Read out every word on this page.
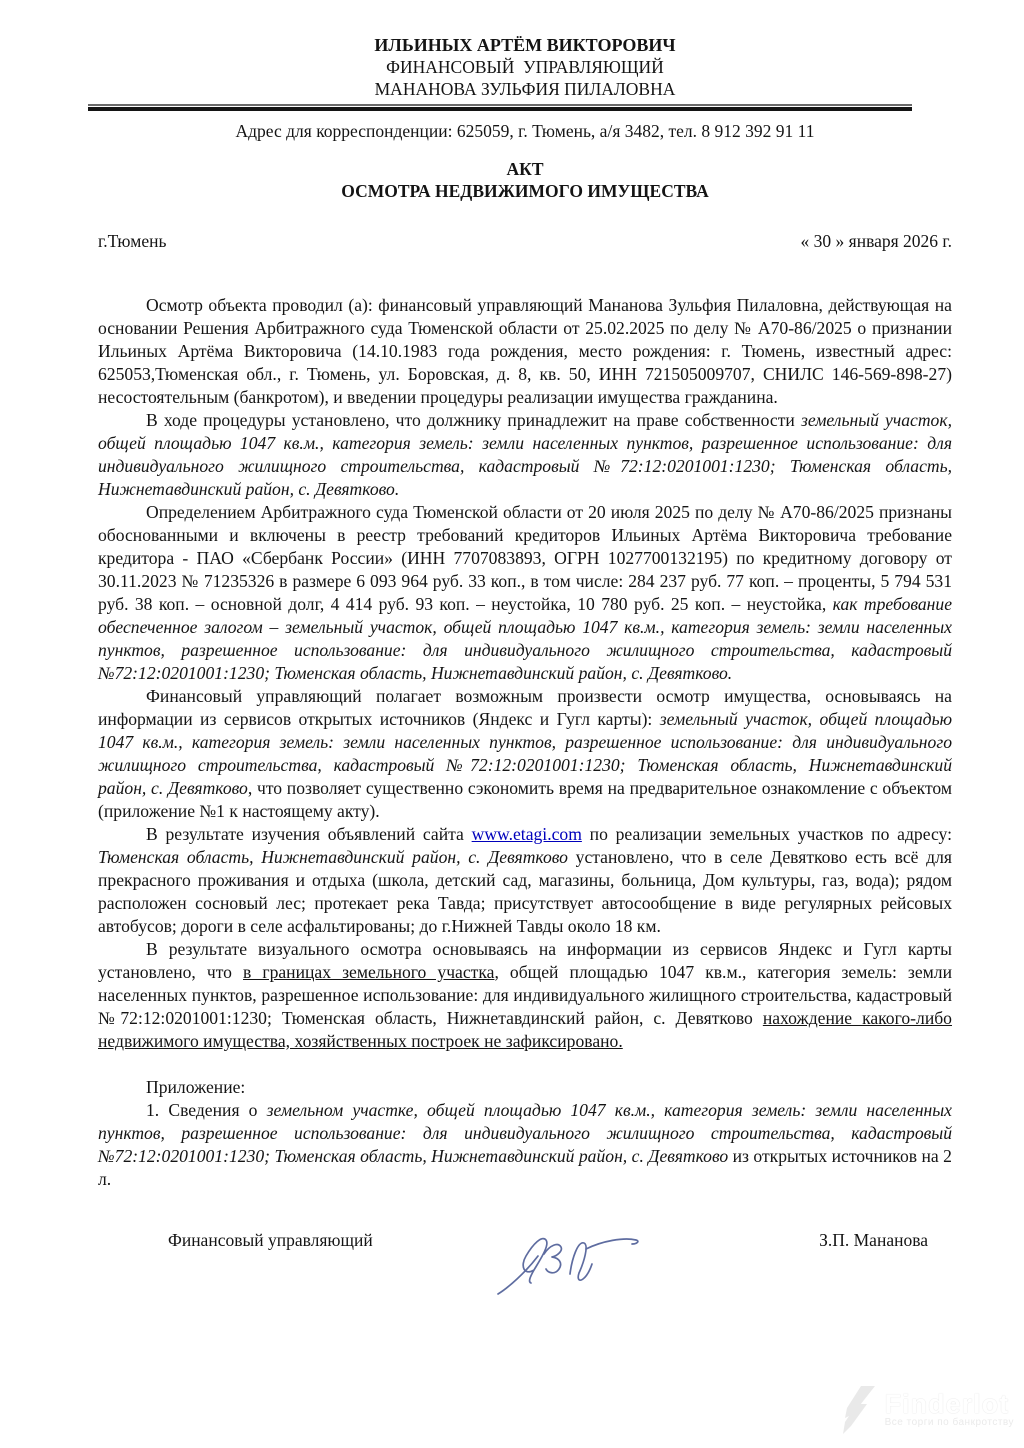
ИЛЬИНЫХ АРТЁМ ВИКТОРОВИЧ
ФИНАНСОВЫЙ  УПРАВЛЯЮЩИЙ
МАНАНОВА ЗУЛЬФИЯ ПИЛАЛОВНА
Адрес для корреспонденции: 625059, г. Тюмень, а/я 3482, тел. 8 912 392 91 11
АКТ
ОСМОТРА НЕДВИЖИМОГО ИМУЩЕСТВА
г.Тюмень	« 30 » января 2026 г.

Осмотр объекта проводил (а): финансовый управляющий Мананова Зульфия Пилаловна, действующая на основании Решения Арбитражного суда Тюменской области от 25.02.2025 по делу № А70-86/2025 о признании Ильиных Артёма Викторовича (14.10.1983 года рождения, место рождения: г. Тюмень, известный адрес: 625053,Тюменская обл., г. Тюмень, ул. Боровская, д. 8, кв. 50, ИНН 721505009707, СНИЛС 146-569-898-27) несостоятельным (банкротом), и введении процедуры реализации имущества гражданина.

В ходе процедуры установлено, что должнику принадлежит на праве собственности земельный участок, общей площадью 1047 кв.м., категория земель: земли населенных пунктов, разрешенное использование: для индивидуального жилищного строительства, кадастровый №72:12:0201001:1230; Тюменская область, Нижнетавдинский район, с. Девятково.

Определением Арбитражного суда Тюменской области от 20 июля 2025 по делу № А70-86/2025 признаны обоснованными и включены в реестр требований кредиторов Ильиных Артёма Викторовича требование кредитора - ПАО «Сбербанк России» (ИНН 7707083893, ОГРН 1027700132195) по кредитному договору от 30.11.2023 № 71235326 в размере 6 093 964 руб. 33 коп., в том числе: 284 237 руб. 77 коп. – проценты, 5 794 531 руб. 38 коп. – основной долг, 4 414 руб. 93 коп. – неустойка, 10 780 руб. 25 коп. – неустойка, как требование обеспеченное залогом – земельный участок, общей площадью 1047 кв.м., категория земель: земли населенных пунктов, разрешенное использование: для индивидуального жилищного строительства, кадастровый №72:12:0201001:1230; Тюменская область, Нижнетавдинский район, с. Девятково.

Финансовый управляющий полагает возможным произвести осмотр имущества, основываясь на информации из сервисов открытых источников (Яндекс и Гугл карты): земельный участок, общей площадью 1047 кв.м., категория земель: земли населенных пунктов, разрешенное использование: для индивидуального жилищного строительства, кадастровый №72:12:0201001:1230; Тюменская область, Нижнетавдинский район, с. Девятково, что позволяет существенно сэкономить время на предварительное ознакомление с объектом (приложение №1 к настоящему акту).

В результате изучения объявлений сайта www.etagi.com по реализации земельных участков по адресу: Тюменская область, Нижнетавдинский район, с. Девятково установлено, что в селе Девятково есть всё для прекрасного проживания и отдыха (школа, детский сад, магазины, больница, Дом культуры, газ, вода); рядом расположен сосновый лес; протекает река Тавда; присутствует автосообщение в виде регулярных рейсовых автобусов; дороги в селе асфальтированы; до г.Нижней Тавды около 18 км.

В результате визуального осмотра основываясь на информации из сервисов Яндекс и Гугл карты установлено, что в границах земельного участка, общей площадью 1047 кв.м., категория земель: земли населенных пунктов, разрешенное использование: для индивидуального жилищного строительства, кадастровый №72:12:0201001:1230; Тюменская область, Нижнетавдинский район, с. Девятково нахождение какого-либо недвижимого имущества, хозяйственных построек не зафиксировано.

Приложение:

1. Сведения о земельном участке, общей площадью 1047 кв.м., категория земель: земли населенных пунктов, разрешенное использование: для индивидуального жилищного строительства, кадастровый №72:12:0201001:1230; Тюменская область, Нижнетавдинский район, с. Девятково из открытых источников на 2 л.

Финансовый управляющий	З.П. Мананова
Finderlot
Все торги по банкротству
